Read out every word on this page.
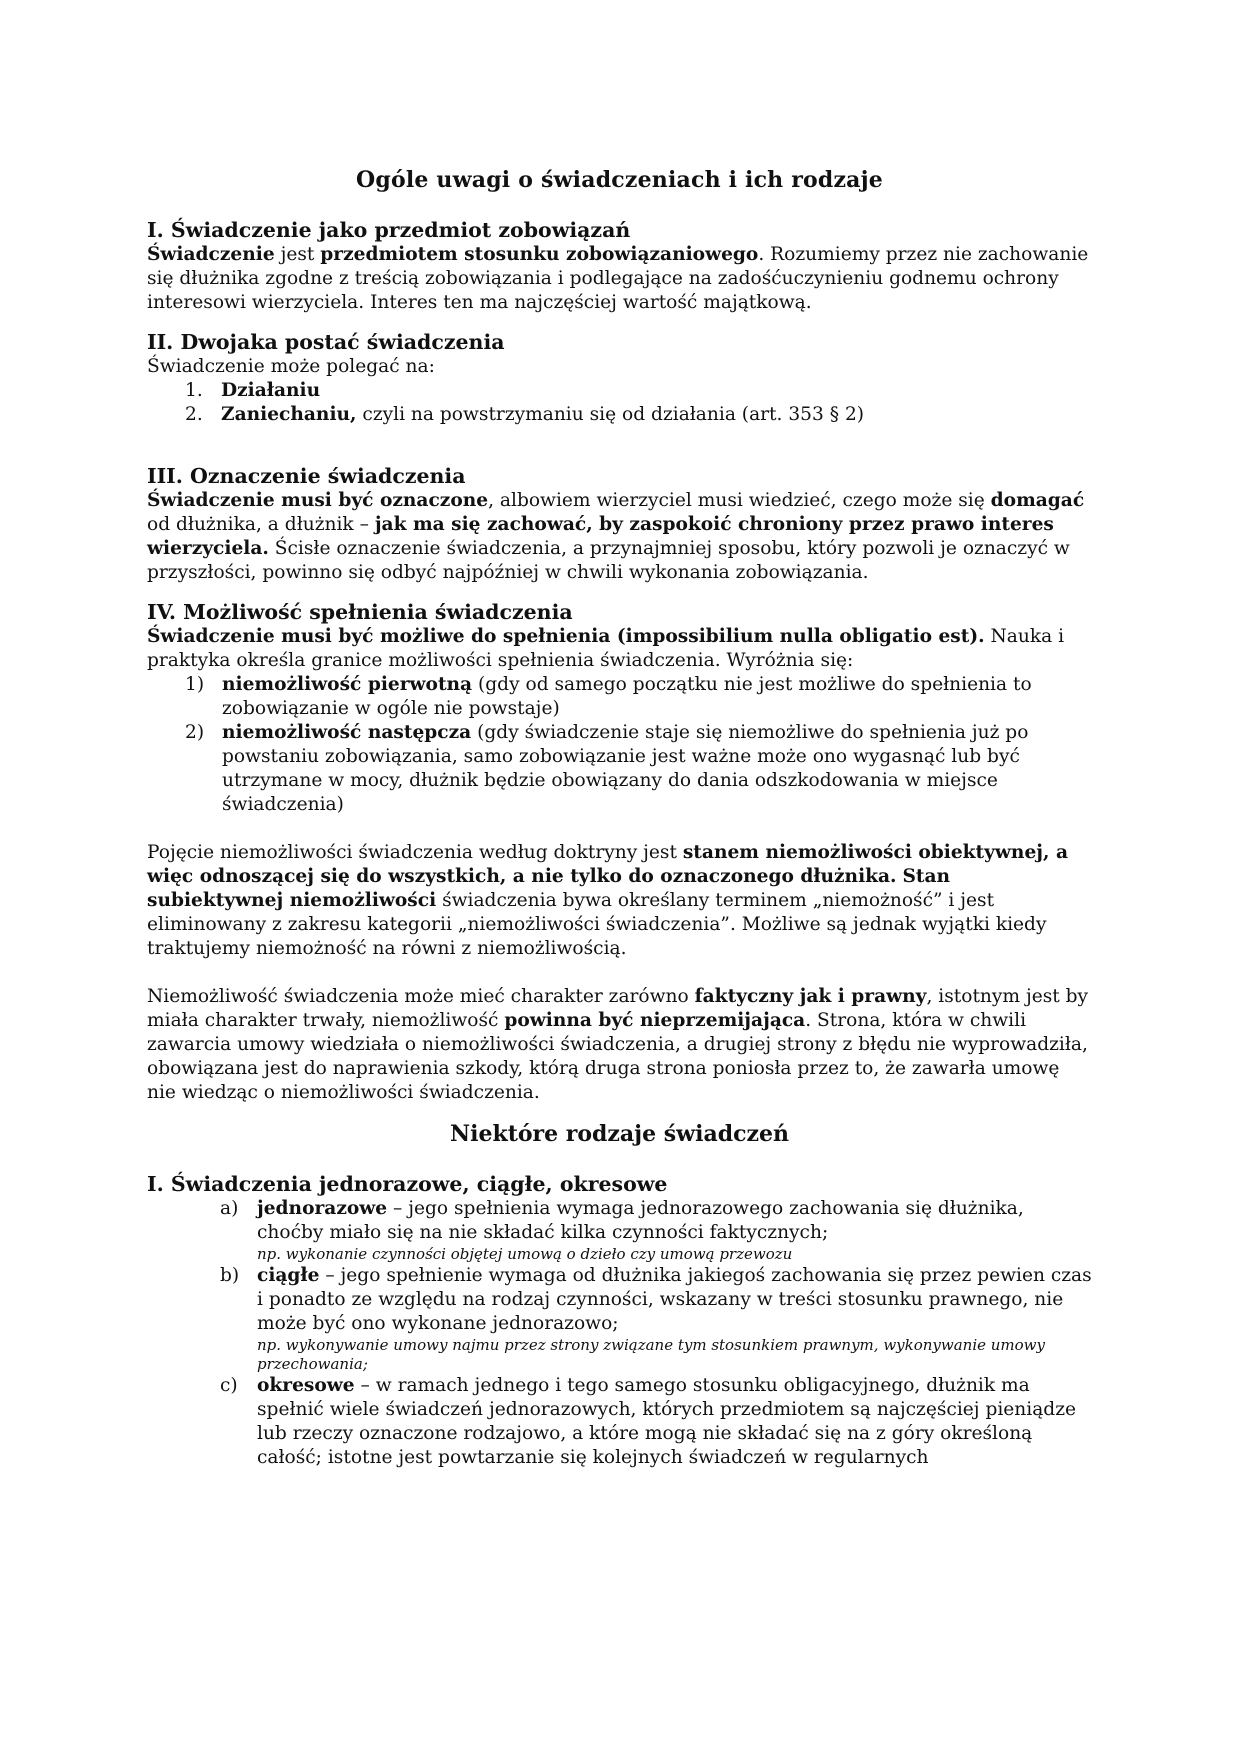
Ogóle uwagi o świadczeniach i ich rodzaje
I. Świadczenie jako przedmiot zobowiązań

Świadczenie jest przedmiotem stosunku zobowiązaniowego. Rozumiemy przez nie zachowanie się dłużnika zgodne z treścią zobowiązania i podlegające na zadośćuczynieniu godnemu ochrony interesowi wierzyciela. Interes ten ma najczęściej wartość majątkową.

II. Dwojaka postać świadczenia

Świadczenie może polegać na:

1. Działaniu
2. Zaniechaniu, czyli na powstrzymaniu się od działania (art. 353 § 2)
III. Oznaczenie świadczenia

Świadczenie musi być oznaczone, albowiem wierzyciel musi wiedzieć, czego może się domagać od dłużnika, a dłużnik – jak ma się zachować, by zaspokoić chroniony przez prawo interes wierzyciela. Ścisłe oznaczenie świadczenia, a przynajmniej sposobu, który pozwoli je oznaczyć w przyszłości, powinno się odbyć najpóźniej w chwili wykonania zobowiązania.

IV. Możliwość spełnienia świadczenia

Świadczenie musi być możliwe do spełnienia (impossibilium nulla obligatio est). Nauka i praktyka określa granice możliwości spełnienia świadczenia. Wyróżnia się:

1) niemożliwość pierwotną (gdy od samego początku nie jest możliwe do spełnienia to zobowiązanie w ogóle nie powstaje)
2) niemożliwość następcza (gdy świadczenie staje się niemożliwe do spełnienia już po powstaniu zobowiązania, samo zobowiązanie jest ważne może ono wygasnąć lub być utrzymane w mocy, dłużnik będzie obowiązany do dania odszkodowania w miejsce świadczenia)

Pojęcie niemożliwości świadczenia według doktryny jest stanem niemożliwości obiektywnej, a więc odnoszącej się do wszystkich, a nie tylko do oznaczonego dłużnika. Stan subiektywnej niemożliwości świadczenia bywa określany terminem „niemożność” i jest eliminowany z zakresu kategorii „niemożliwości świadczenia”. Możliwe są jednak wyjątki kiedy traktujemy niemożność na równi z niemożliwością.

Niemożliwość świadczenia może mieć charakter zarówno faktyczny jak i prawny, istotnym jest by miała charakter trwały, niemożliwość powinna być nieprzemijająca. Strona, która w chwili zawarcia umowy wiedziała o niemożliwości świadczenia, a drugiej strony z błędu nie wyprowadziła, obowiązana jest do naprawienia szkody, którą druga strona poniosła przez to, że zawarła umowę nie wiedząc o niemożliwości świadczenia.

Niektóre rodzaje świadczeń
I. Świadczenia jednorazowe, ciągłe, okresowe
a) jednorazowe – jego spełnienia wymaga jednorazowego zachowania się dłużnika, choćby miało się na nie składać kilka czynności faktycznych;
np. wykonanie czynności objętej umową o dzieło czy umową przewozu
b) ciągłe – jego spełnienie wymaga od dłużnika jakiegoś zachowania się przez pewien czas i ponadto ze względu na rodzaj czynności, wskazany w treści stosunku prawnego, nie może być ono wykonane jednorazowo;
np. wykonywanie umowy najmu przez strony związane tym stosunkiem prawnym, wykonywanie umowy przechowania;
c) okresowe – w ramach jednego i tego samego stosunku obligacyjnego, dłużnik ma spełnić wiele świadczeń jednorazowych, których przedmiotem są najczęściej pieniądze lub rzeczy oznaczone rodzajowo, a które mogą nie składać się na z góry określoną całość; istotne jest powtarzanie się kolejnych świadczeń w regularnych
